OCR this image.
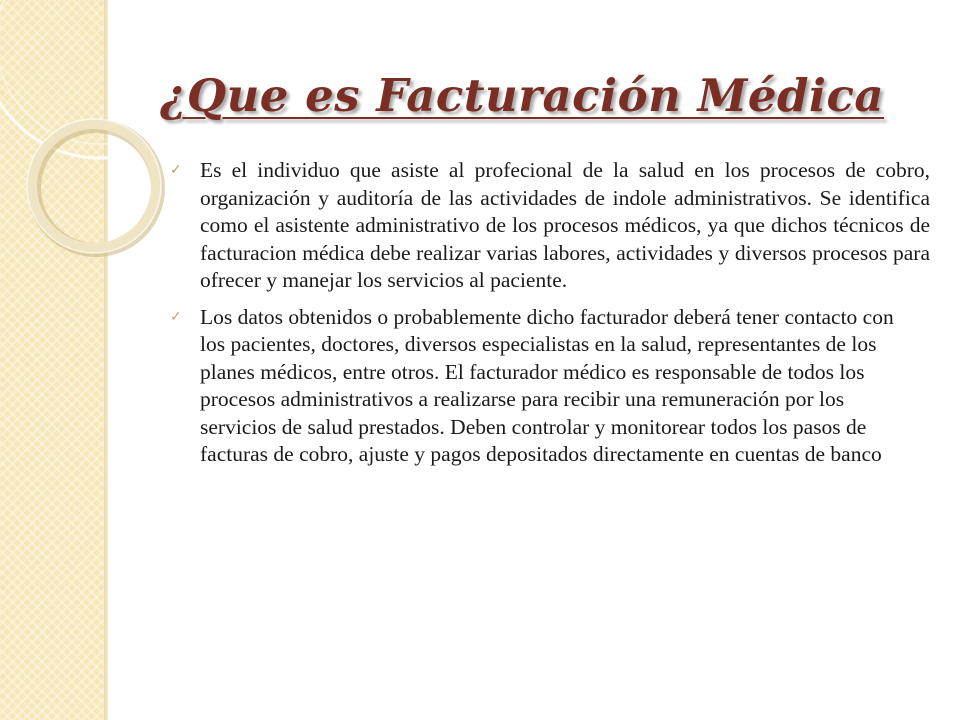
¿Que es Facturación Médica
✓ Es el individuo que asiste al profecional de la salud en los procesos de cobro, organización y auditoría de las actividades de indole administrativos. Se identifica como el asistente administrativo de los procesos médicos, ya que dichos técnicos de facturacion médica debe realizar varias labores, actividades y diversos procesos para ofrecer y manejar los servicios al paciente.
✓ Los datos obtenidos o probablemente dicho facturador deberá tener contacto con los pacientes, doctores, diversos especialistas en la salud, representantes de los planes médicos, entre otros. El facturador médico es responsable de todos los procesos administrativos a realizarse para recibir una remuneración por los servicios de salud prestados. Deben controlar y monitorear todos los pasos de facturas de cobro, ajuste y pagos depositados directamente en cuentas de banco
